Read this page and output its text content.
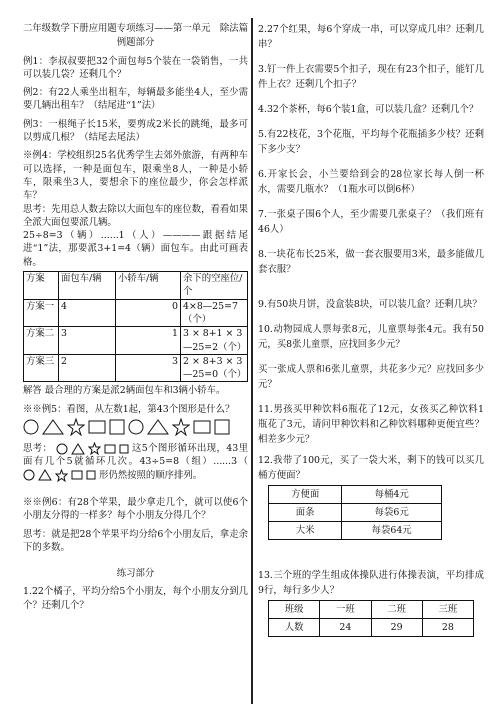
二年级数学下册应用题专项练习——第一单元　除法篇

例题部分

例1：李叔叔要把32个面包每5个装在一袋销售，一共可以装几袋？还剩几个？

例2：有22人乘坐出租车，每辆最多能坐4人，至少需要几辆出租车？（结尾进“1”法）

例3：一根绳子长15米，要剪成2米长的跳绳，最多可以剪成几根？（结尾去尾法）

※例4：学校组织25名优秀学生去郊外旅游，有两种车可以选择，一种是面包车，限乘坐8人，一种是小轿车，限乘坐3人，要想余下的座位最少，你会怎样派车？

思考：先用总人数去除以大面包车的座位数，看看如果全派大面包要派几辆。

25÷8=3（辆）......1（人）————跟据结尾进“1”法，那要派3+1=4（辆）面包车。由此可画表格。

方案	面包车/辆	小轿车/辆	余下的空座位/个
方案一	4	0	4×8—25=7（个）
方案二	3	1	3 × 8+1 × 3—25=2（个）
方案三	2	3	2 × 8+3 × 3—25=0（个）

解答 最合理的方案是派2辆面包车和3辆小轿车。

※※例5：看图，从左数1起，第43个图形是什么？

思考：	这5个图形循环出现，43里面有几个5就循环几次。43÷5=8（组）......3（
形仍然按照的顺序排列。

※※例6：有28个苹果，最少拿走几个，就可以使6个小朋友分得的一样多？每个小朋友分得几个？

思考：就是把28个苹果平均分给6个小朋友后，拿走余下的多数。

练习部分

1.22个橘子，平均分给5个小朋友，每个小朋友分到几个？还剩几个？

2.27个红果，每6个穿成一串，可以穿成几串？还剩几串？

3.钉一件上衣需要5个扣子，现在有23个扣子，能钉几件上衣？还剩几个扣子？

4.32个茶杯，每6个装1盒，可以装几盒？还剩几个？

5.有22枝花，3个花瓶，平均每个花瓶插多少枝？还剩下多少支？

6.开家长会，小兰要给到会的28位家长每人倒一杯水，需要几瓶水？（1瓶水可以倒6杯）

7.一张桌子围6个人，至少需要几张桌子？（我们班有46人）

8.一块花布长25米，做一套衣服要用3米，最多能做几套衣服？

9.有50块月饼，没盒装8块，可以装几盒？还剩几块？

10.动物园成人票每张8元，儿童票每张4元。我有50元，买8张儿童票，应找回多少元？

买一张成人票和6张儿童票，共花多少元？应找回多少元？

11.男孩买甲种饮料6瓶花了12元，女孩买乙种饮料1瓶花了3元，请问甲种饮料和乙种饮料哪种更便宜些？相差多少元？

12.我带了100元，买了一袋大米，剩下的钱可以买几桶方便面？

方便面	每桶4元
面条	每袋6元
大米	每袋64元

13.三个班的学生组成体操队进行体操表演，平均排成9行，每行多少人？

班级	一班	二班	三班
人数	24	29	28
